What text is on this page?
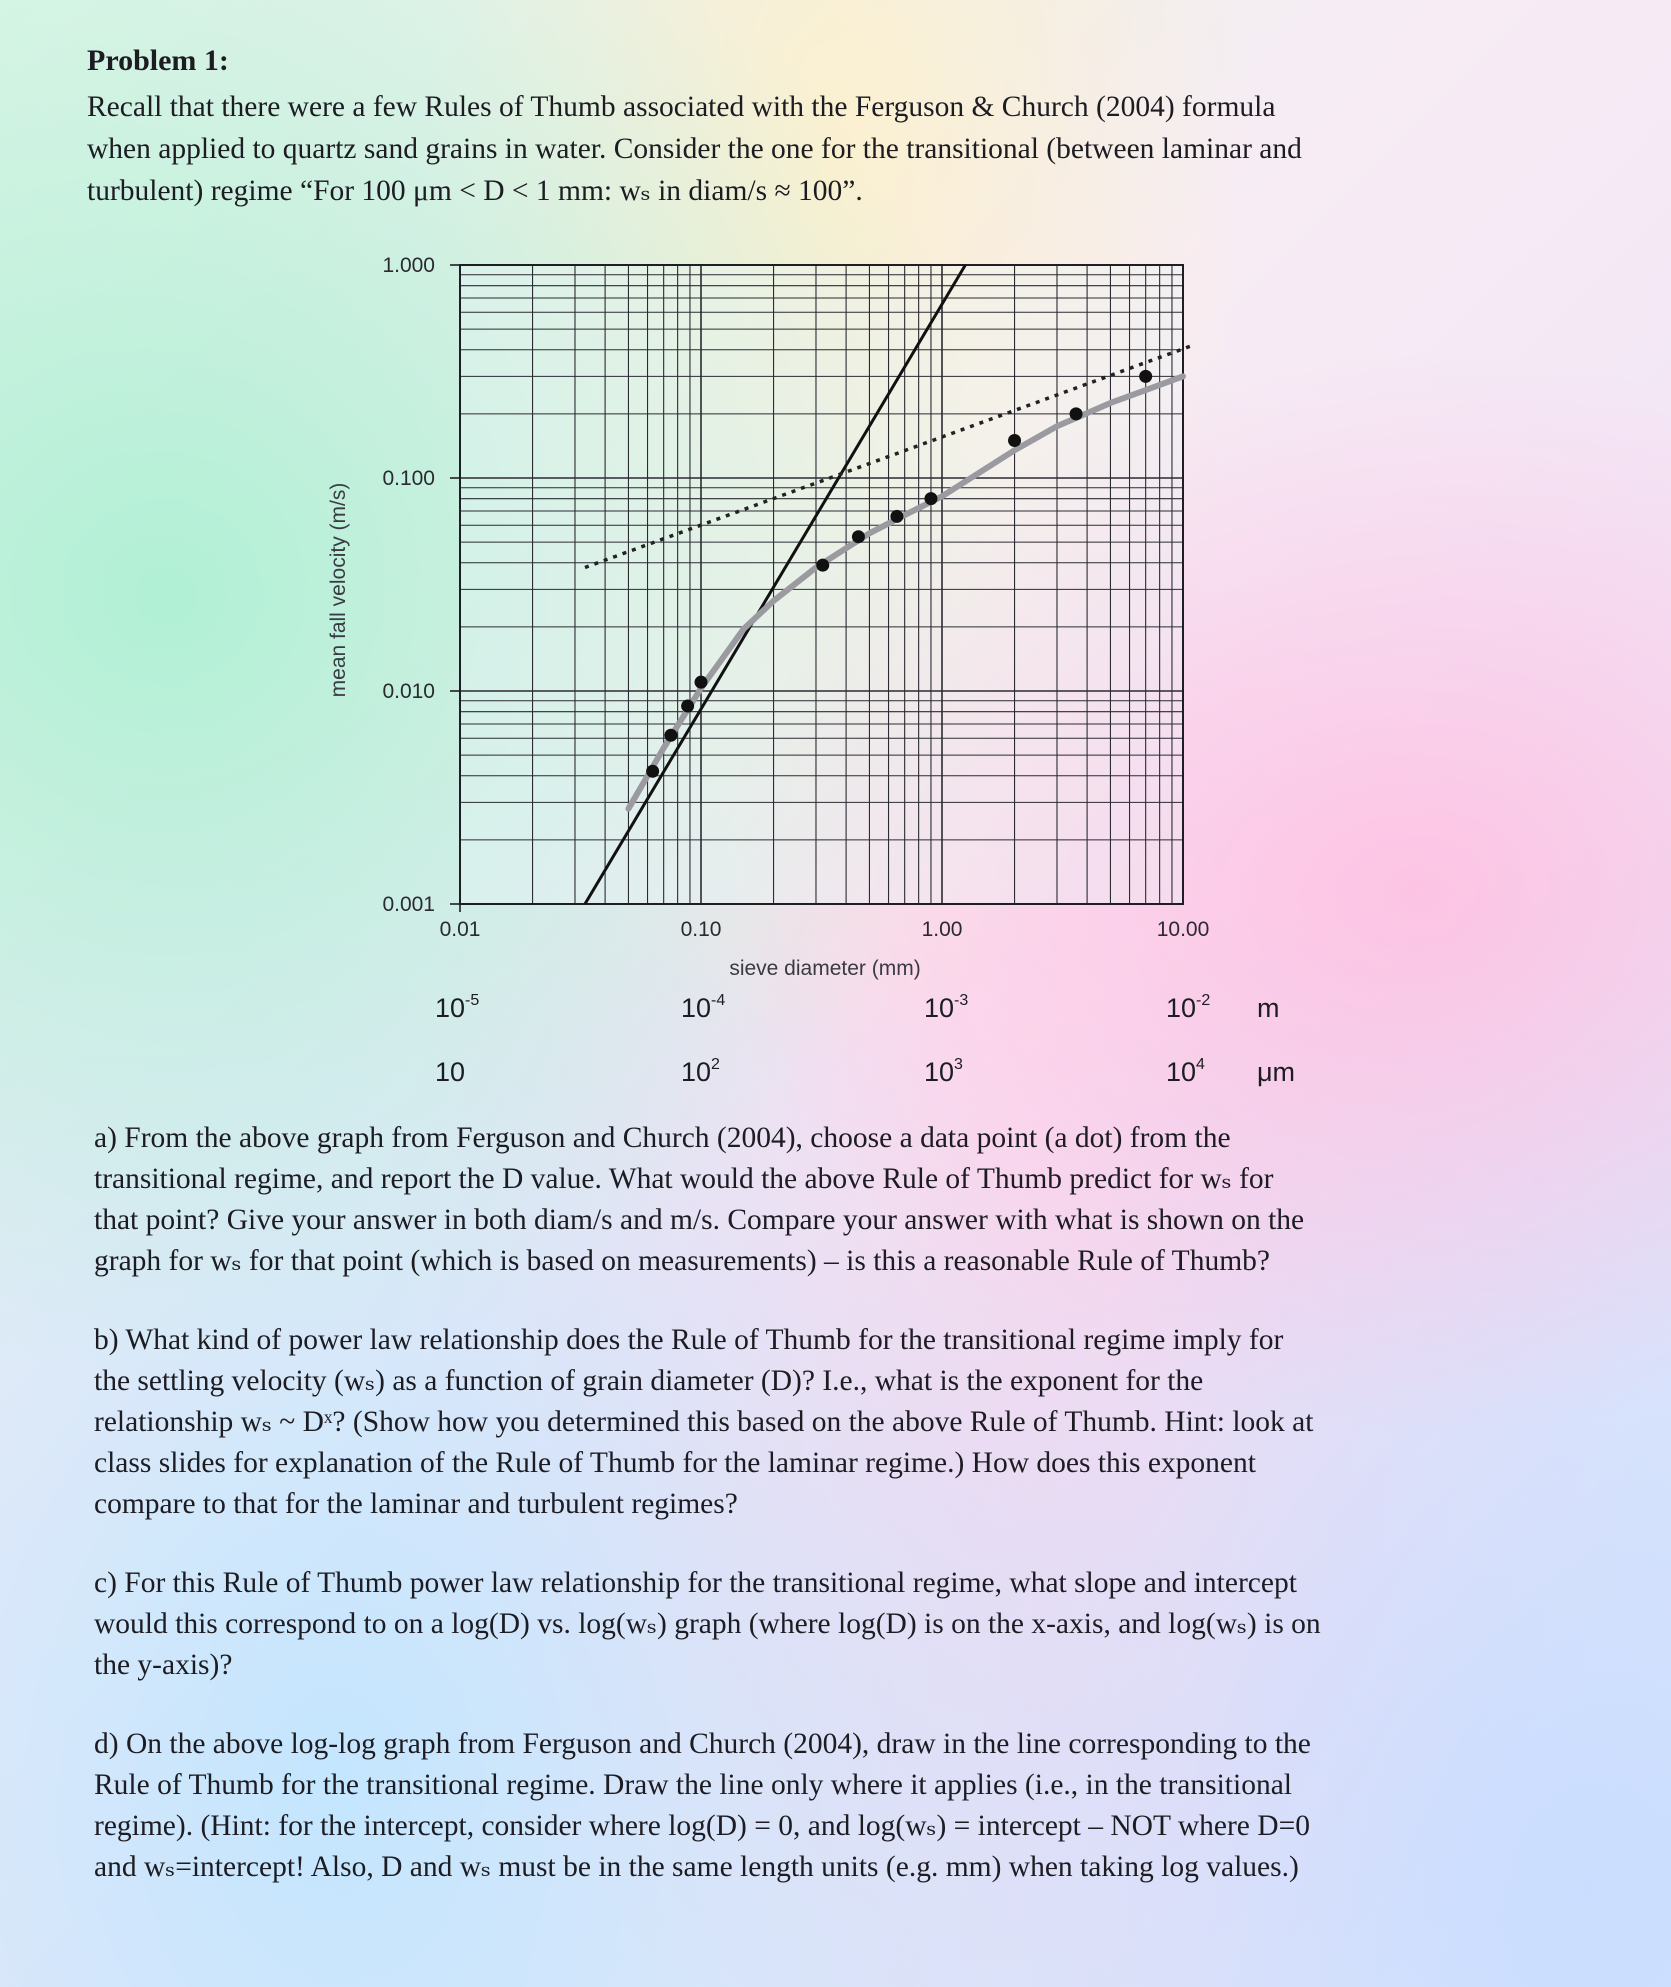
Problem 1:
Recall that there were a few Rules of Thumb associated with the Ferguson & Church (2004) formula
when applied to quartz sand grains in water. Consider the one for the transitional (between laminar and
turbulent) regime “For 100 μm < D < 1 mm: wₛ in diam/s ≈ 100”.
0.001
0.010
0.100
1.000
0.01	0.10	1.00	10.00
sieve diameter (mm)
mean fall velocity (m/s)
$10^{-5}$	$10^{-4}$	$10^{-3}$	$10^{-2}$ m
10	$10^2$	$10^3$	$10^4$ μm
a) From the above graph from Ferguson and Church (2004), choose a data point (a dot) from the
transitional regime, and report the D value. What would the above Rule of Thumb predict for wₛ for
that point? Give your answer in both diam/s and m/s. Compare your answer with what is shown on the
graph for wₛ for that point (which is based on measurements) – is this a reasonable Rule of Thumb?
b) What kind of power law relationship does the Rule of Thumb for the transitional regime imply for
the settling velocity (wₛ) as a function of grain diameter (D)? I.e., what is the exponent for the
relationship wₛ ~ Dˣ? (Show how you determined this based on the above Rule of Thumb. Hint: look at
class slides for explanation of the Rule of Thumb for the laminar regime.) How does this exponent
compare to that for the laminar and turbulent regimes?
c) For this Rule of Thumb power law relationship for the transitional regime, what slope and intercept
would this correspond to on a log(D) vs. log(wₛ) graph (where log(D) is on the x-axis, and log(wₛ) is on
the y-axis)?
d) On the above log-log graph from Ferguson and Church (2004), draw in the line corresponding to the
Rule of Thumb for the transitional regime. Draw the line only where it applies (i.e., in the transitional
regime). (Hint: for the intercept, consider where log(D) = 0, and log(wₛ) = intercept – NOT where D=0
and wₛ=intercept! Also, D and wₛ must be in the same length units (e.g. mm) when taking log values.)
